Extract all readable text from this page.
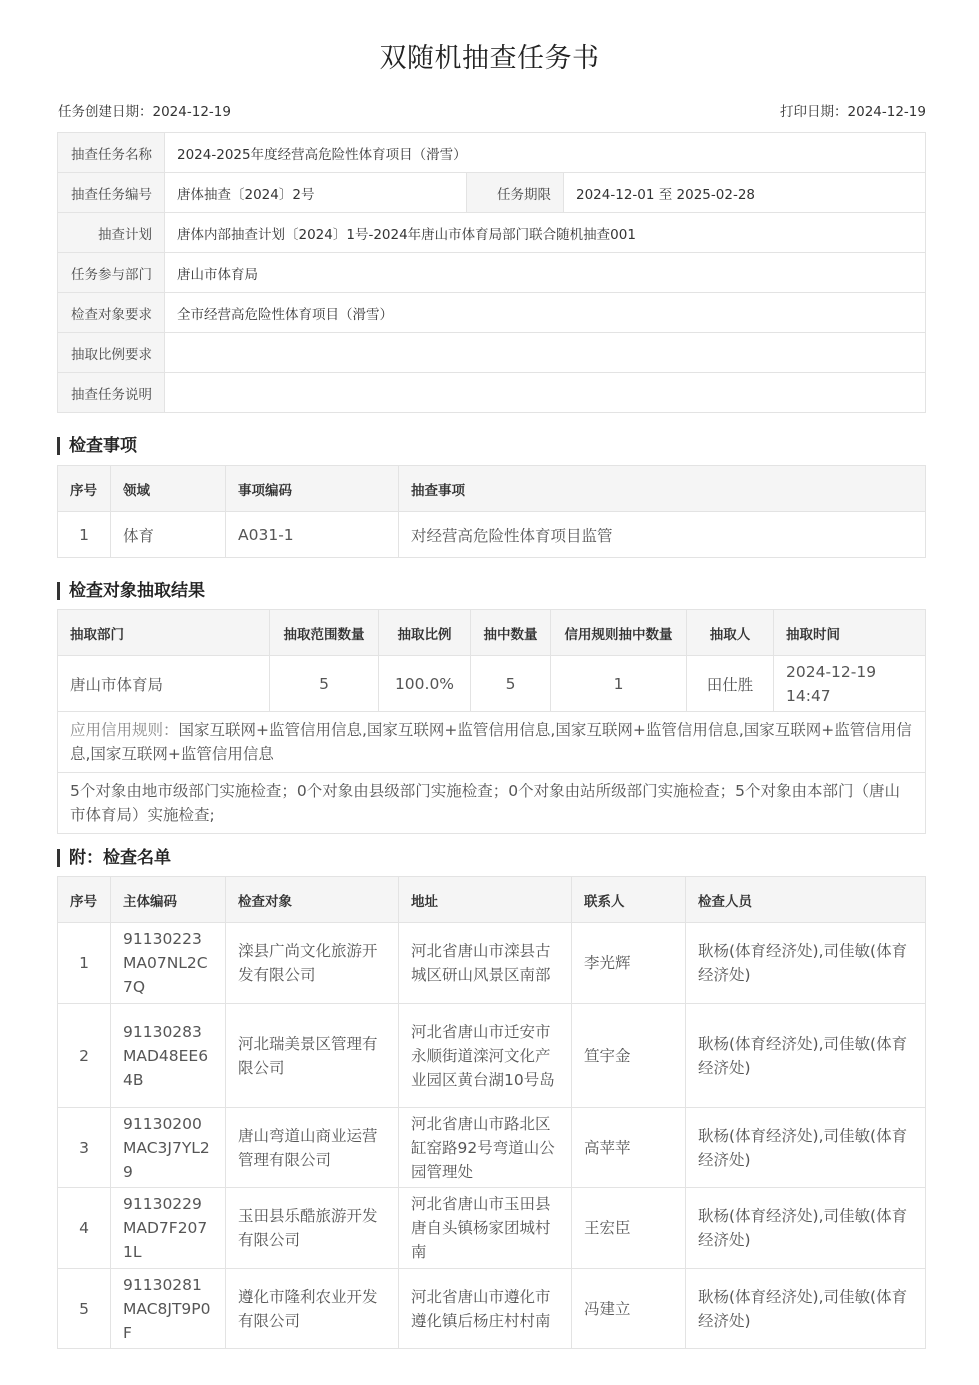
双随机抽查任务书
任务创建日期：2024-12-19	打印日期：2024-12-19
抽查任务名称	2024-2025年度经营高危险性体育项目（滑雪）		
抽查任务编号	唐体抽查〔2024〕2号	任务期限	2024-12-01 至 2025-02-28
抽查计划	唐体内部抽查计划〔2024〕1号-2024年唐山市体育局部门联合随机抽查001		
任务参与部门	唐山市体育局		
检查对象要求	全市经营高危险性体育项目（滑雪）		
抽取比例要求			
抽查任务说明			
检查事项
序号	领域	事项编码	抽查事项
1	体育	A031-1	对经营高危险性体育项目监管
检查对象抽取结果
抽取部门	抽取范围数量	抽取比例	抽中数量	信用规则抽中数量	抽取人	抽取时间
唐山市体育局	5	100.0%	5	1	田仕胜	2024-12-19 14:47
应用信用规则：国家互联网+监管信用信息,国家互联网+监管信用信息,国家互联网+监管信用信息,国家互联网+监管信用信息,国家互联网+监管信用信息						
5个对象由地市级部门实施检查；0个对象由县级部门实施检查；0个对象由站所级部门实施检查；5个对象由本部门（唐山市体育局）实施检查;						
附：检查名单
序号	主体编码	检查对象	地址	联系人	检查人员
1	91130223MA07NL2C7Q	滦县广尚文化旅游开发有限公司	河北省唐山市滦县古城区研山风景区南部	李光辉	耿杨(体育经济处),司佳敏(体育经济处)
2	91130283MAD48EE64B	河北瑞美景区管理有限公司	河北省唐山市迁安市永顺街道滦河文化产业园区黄台湖10号岛	笪宇金	耿杨(体育经济处),司佳敏(体育经济处)
3	91130200MAC3J7YL29	唐山弯道山商业运营管理有限公司	河北省唐山市路北区缸窑路92号弯道山公园管理处	高苹苹	耿杨(体育经济处),司佳敏(体育经济处)
4	91130229MAD7F2071L	玉田县乐酷旅游开发有限公司	河北省唐山市玉田县唐自头镇杨家团城村南	王宏臣	耿杨(体育经济处),司佳敏(体育经济处)
5	91130281MAC8JT9P0F	遵化市隆利农业开发有限公司	河北省唐山市遵化市遵化镇后杨庄村村南	冯建立	耿杨(体育经济处),司佳敏(体育经济处)
